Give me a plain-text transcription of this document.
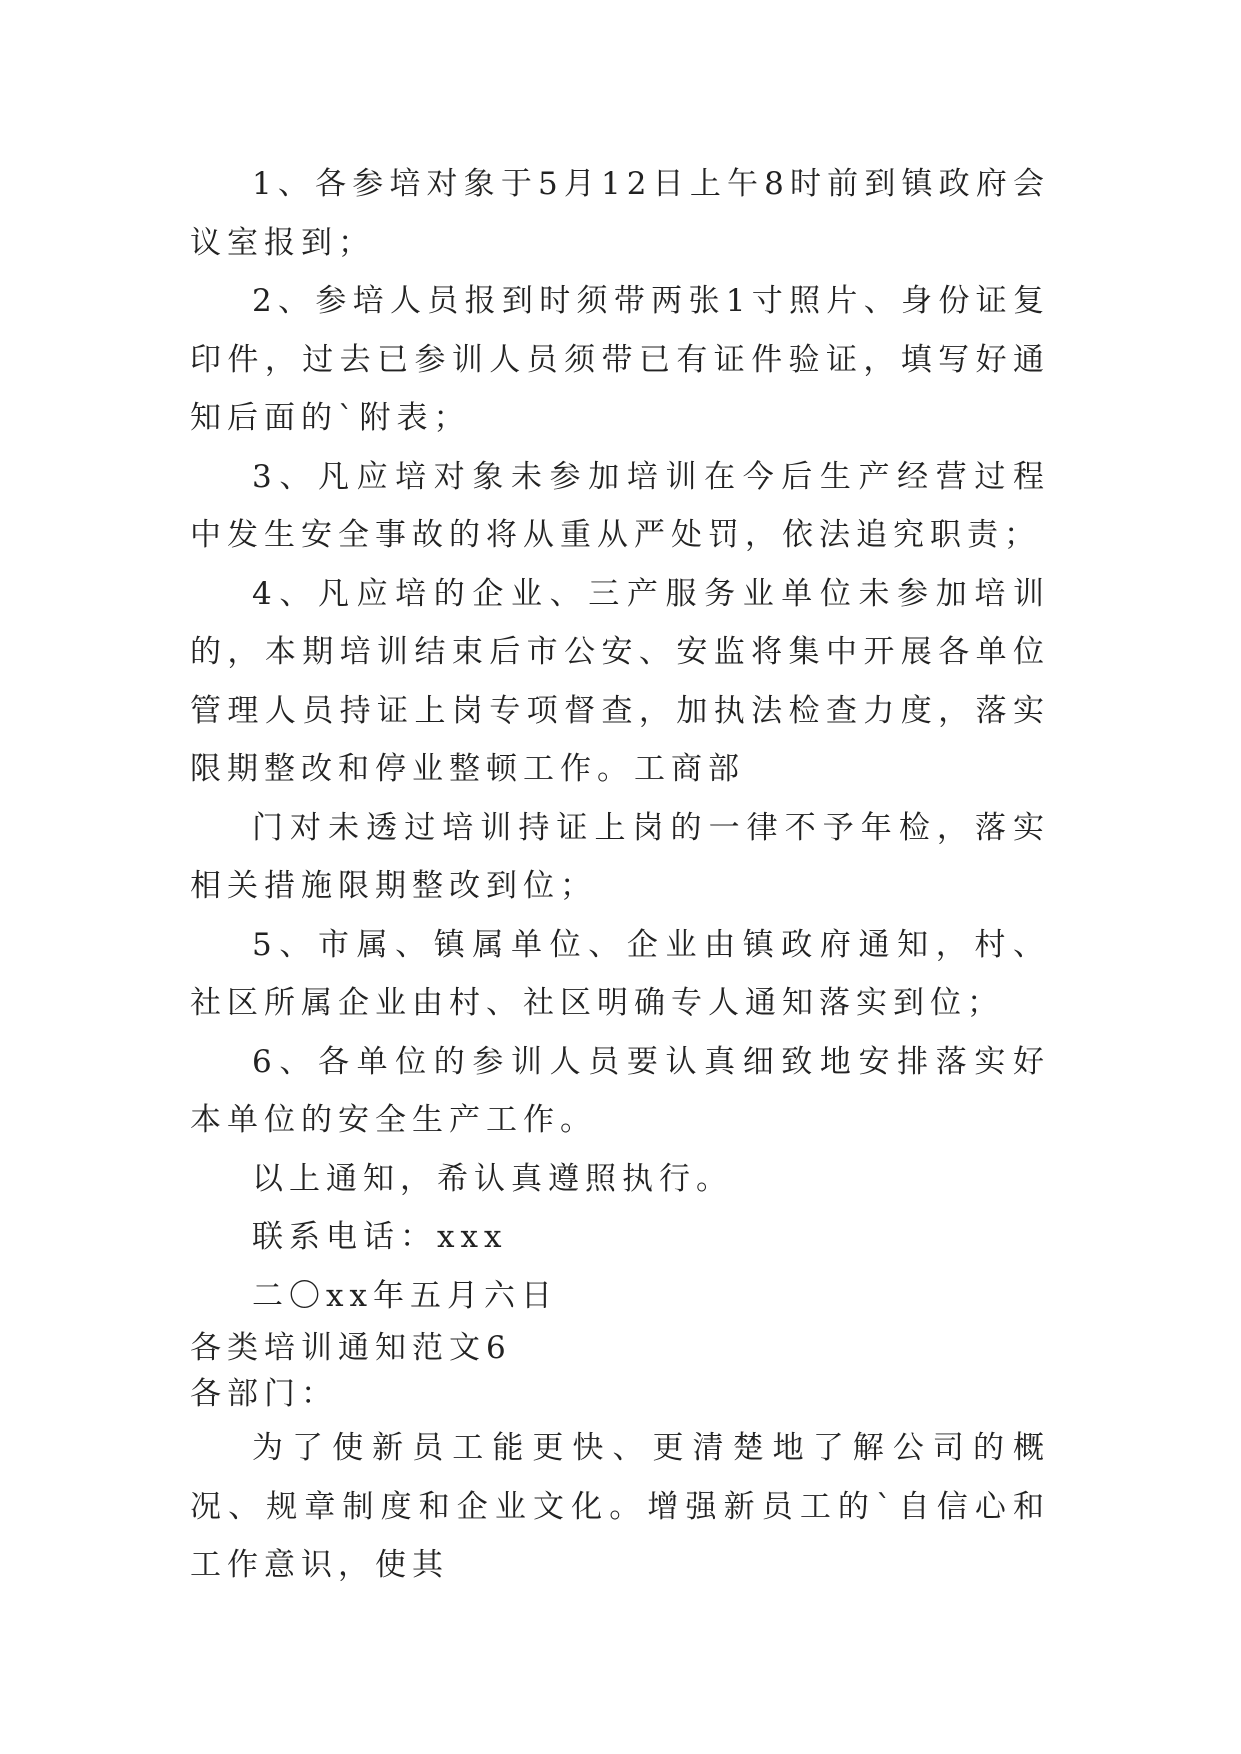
1、各参培对象于5月12日上午8时前到镇政府会议室报到；

2、参培人员报到时须带两张1寸照片、身份证复印件，过去已参训人员须带已有证件验证，填写好通知后面的`附表；

3、凡应培对象未参加培训在今后生产经营过程中发生安全事故的将从重从严处罚，依法追究职责；

4、凡应培的企业、三产服务业单位未参加培训的，本期培训结束后市公安、安监将集中开展各单位管理人员持证上岗专项督查，加执法检查力度，落实限期整改和停业整顿工作。工商部

门对未透过培训持证上岗的一律不予年检，落实相关措施限期整改到位；

5、市属、镇属单位、企业由镇政府通知，村、社区所属企业由村、社区明确专人通知落实到位；

6、各单位的参训人员要认真细致地安排落实好本单位的安全生产工作。

以上通知，希认真遵照执行。

联系电话：xxx

二〇xx年五月六日

各类培训通知范文6

各部门：

为了使新员工能更快、更清楚地了解公司的概况、规章制度和企业文化。增强新员工的`自信心和工作意识，使其
